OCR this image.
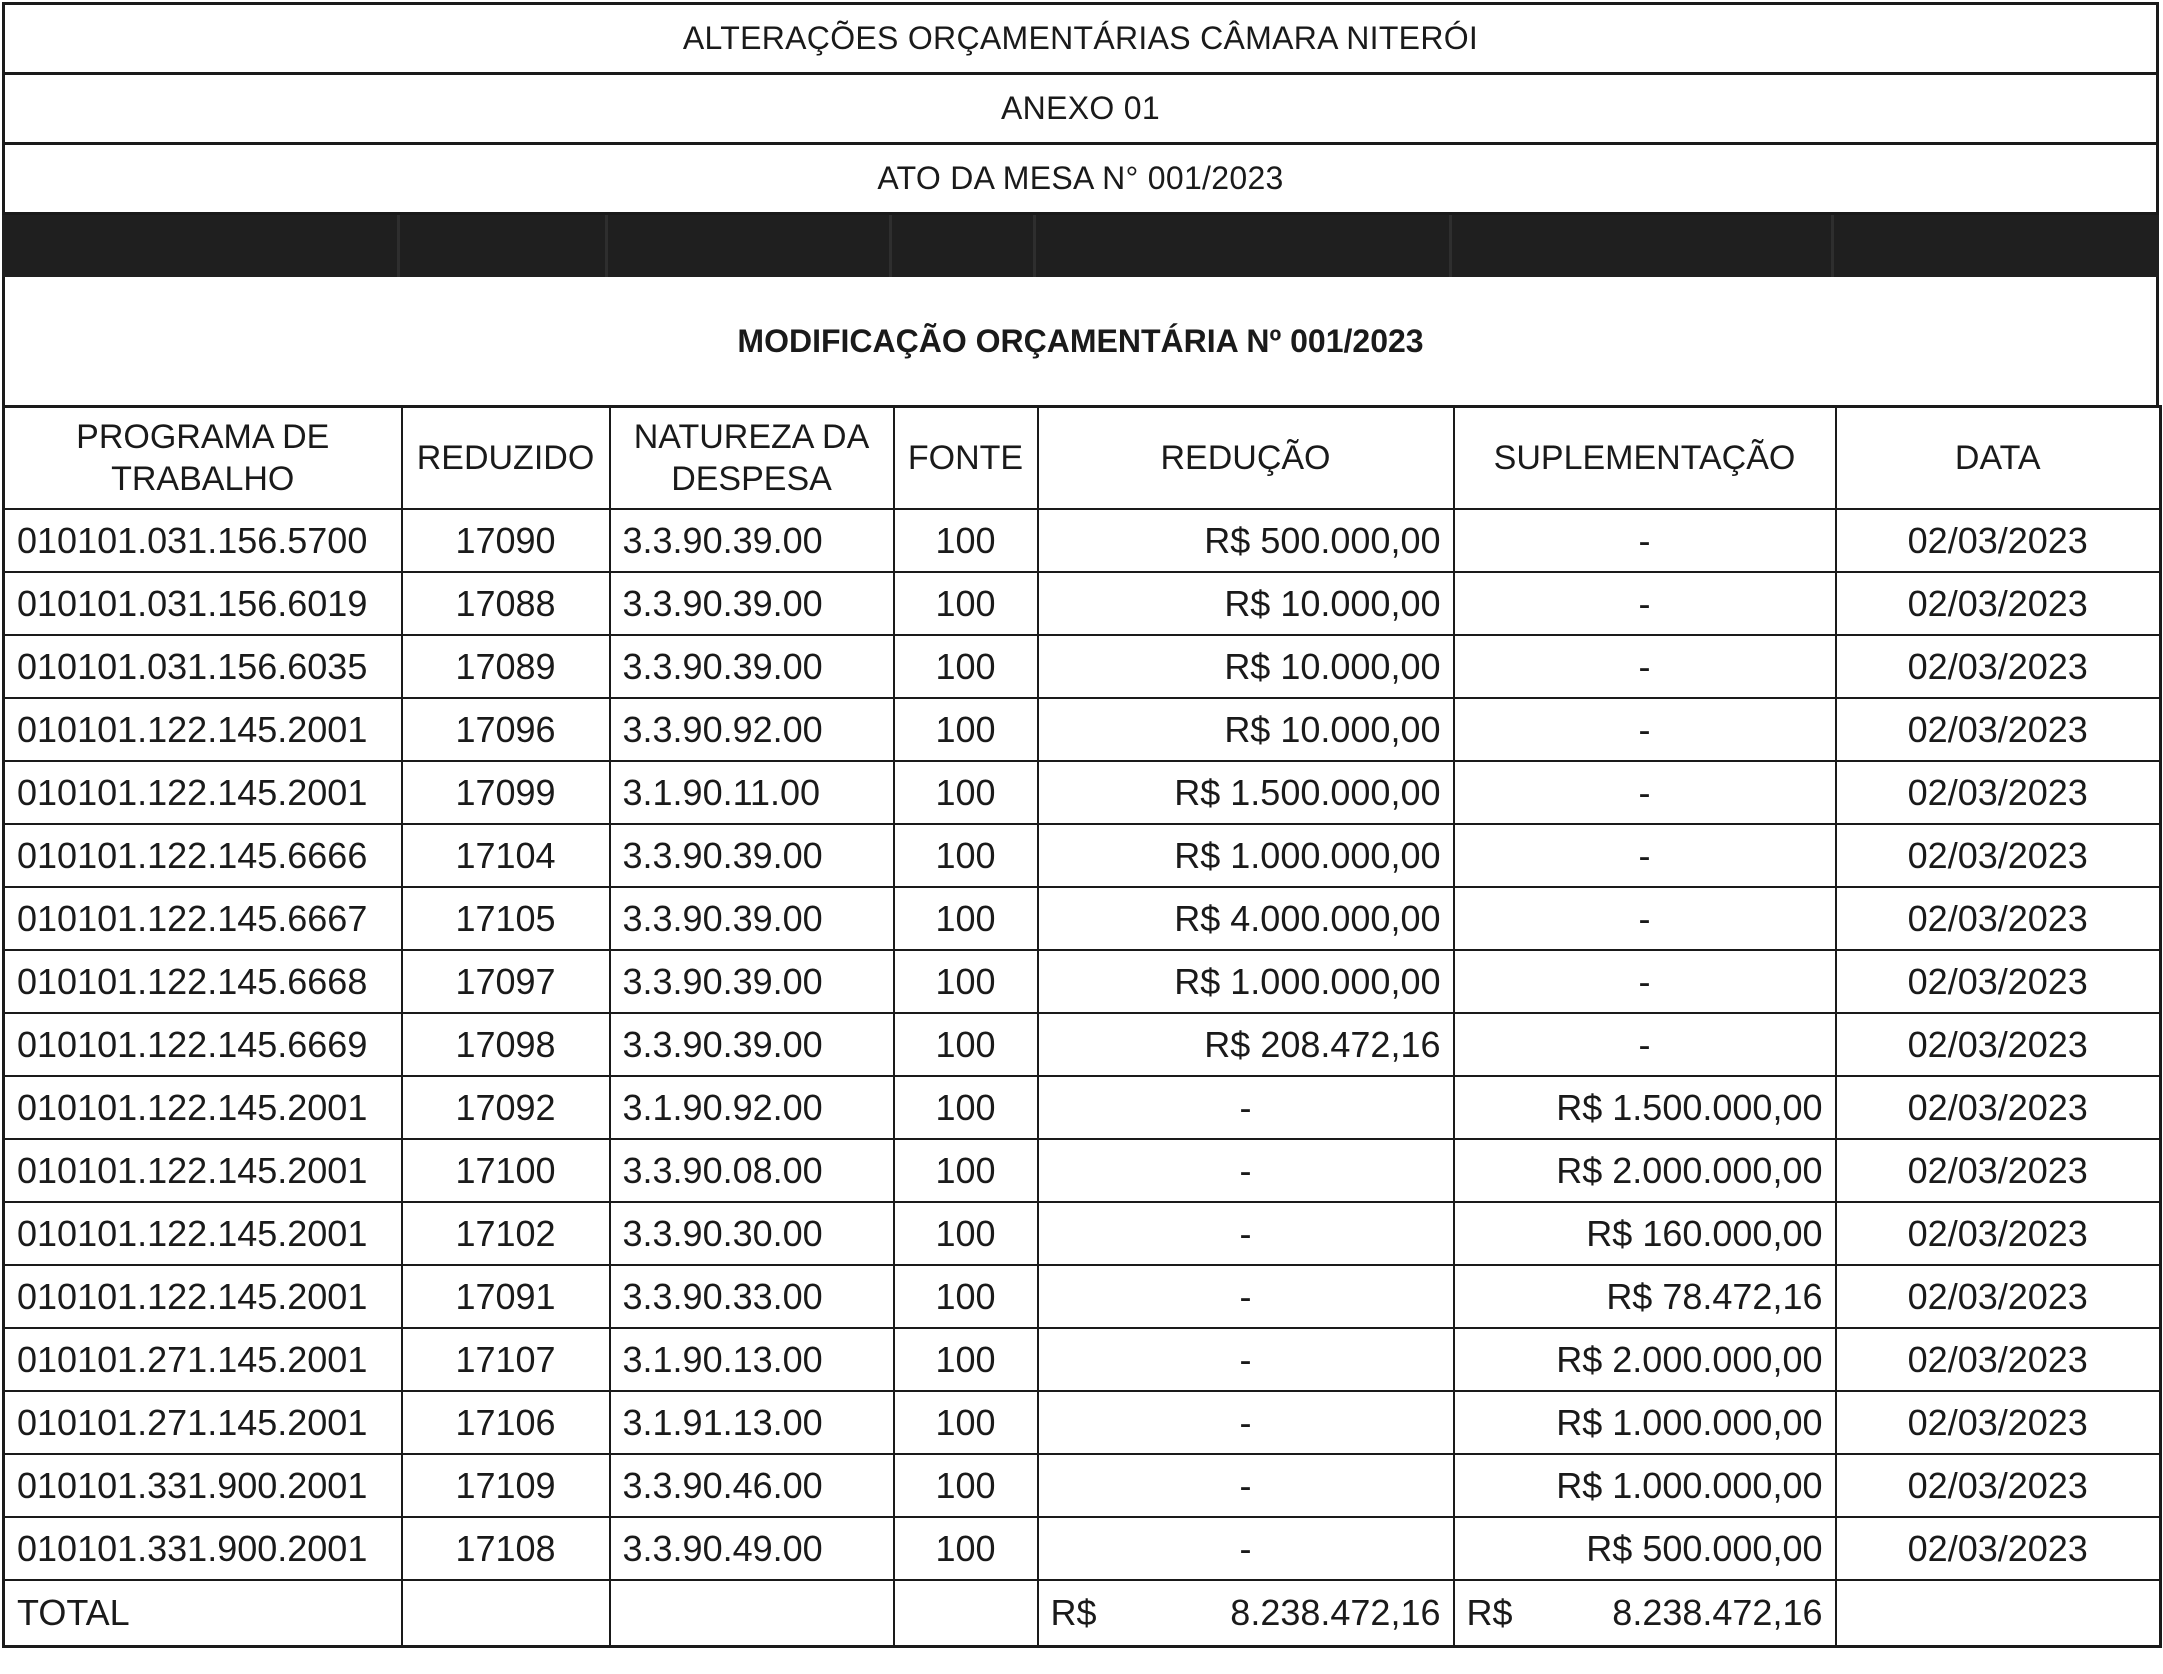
ALTERAÇÕES ORÇAMENTÁRIAS CÂMARA NITERÓI
ANEXO 01
ATO DA MESA N° 001/2023
MODIFICAÇÃO ORÇAMENTÁRIA Nº 001/2023
PROGRAMA DE TRABALHO	REDUZIDO	NATUREZA DA DESPESA	FONTE	REDUÇÃO	SUPLEMENTAÇÃO	DATA
010101.031.156.5700	17090	3.3.90.39.00	100	R$ 500.000,00	-	02/03/2023
010101.031.156.6019	17088	3.3.90.39.00	100	R$ 10.000,00	-	02/03/2023
010101.031.156.6035	17089	3.3.90.39.00	100	R$ 10.000,00	-	02/03/2023
010101.122.145.2001	17096	3.3.90.92.00	100	R$ 10.000,00	-	02/03/2023
010101.122.145.2001	17099	3.1.90.11.00	100	R$ 1.500.000,00	-	02/03/2023
010101.122.145.6666	17104	3.3.90.39.00	100	R$ 1.000.000,00	-	02/03/2023
010101.122.145.6667	17105	3.3.90.39.00	100	R$ 4.000.000,00	-	02/03/2023
010101.122.145.6668	17097	3.3.90.39.00	100	R$ 1.000.000,00	-	02/03/2023
010101.122.145.6669	17098	3.3.90.39.00	100	R$ 208.472,16	-	02/03/2023
010101.122.145.2001	17092	3.1.90.92.00	100	-	R$ 1.500.000,00	02/03/2023
010101.122.145.2001	17100	3.3.90.08.00	100	-	R$ 2.000.000,00	02/03/2023
010101.122.145.2001	17102	3.3.90.30.00	100	-	R$ 160.000,00	02/03/2023
010101.122.145.2001	17091	3.3.90.33.00	100	-	R$ 78.472,16	02/03/2023
010101.271.145.2001	17107	3.1.90.13.00	100	-	R$ 2.000.000,00	02/03/2023
010101.271.145.2001	17106	3.1.91.13.00	100	-	R$ 1.000.000,00	02/03/2023
010101.331.900.2001	17109	3.3.90.46.00	100	-	R$ 1.000.000,00	02/03/2023
010101.331.900.2001	17108	3.3.90.49.00	100	-	R$ 500.000,00	02/03/2023
TOTAL				R$ 8.238.472,16	R$ 8.238.472,16	
